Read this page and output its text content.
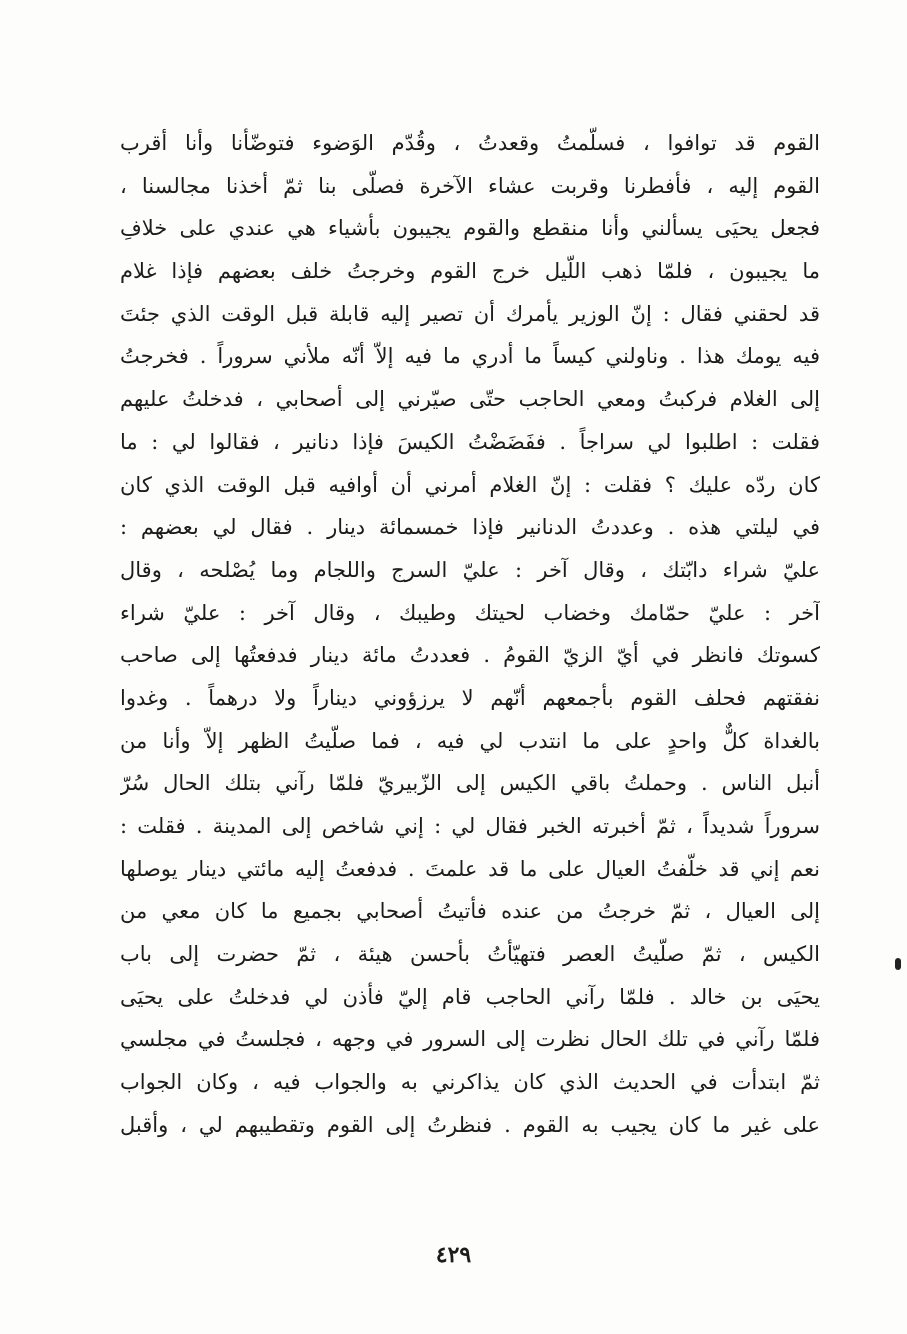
القوم قد توافوا ، فسلّمتُ وقعدتُ ، وقُدّم الوَضوء فتوضّأنا وأنا أقرب
القوم إليه ، فأفطرنا وقربت عشاء الآخرة فصلّى بنا ثمّ أخذنا مجالسنا ،
فجعل يحيَى يسألني وأنا منقطع والقوم يجيبون بأشياء هي عندي على خلافِ
ما يجيبون ، فلمّا ذهب اللّيل خرج القوم وخرجتُ خلف بعضهم فإذا غلام
قد لحقني فقال : إنّ الوزير يأمرك أن تصير إليه قابلة قبل الوقت الذي جئتَ
فيه يومك هذا . وناولني كيساً ما أدري ما فيه إلاّ أنّه ملأني سروراً . فخرجتُ
إلى الغلام فركبتُ ومعي الحاجب حتّى صيّرني إلى أصحابي ، فدخلتُ عليهم
فقلت : اطلبوا لي سراجاً . ففَضَضْتُ الكيسَ فإذا دنانير ، فقالوا لي : ما
كان ردّه عليك ؟ فقلت : إنّ الغلام أمرني أن أوافيه قبل الوقت الذي كان
في ليلتي هذه . وعددتُ الدنانير فإذا خمسمائة دينار . فقال لي بعضهم :
عليّ شراء دابّتك ، وقال آخر : عليّ السرج واللجام وما يُصْلحه ، وقال
آخر : عليّ حمّامك وخضاب لحيتك وطيبك ، وقال آخر : عليّ شراء
كسوتك فانظر في أيّ الزيّ القومُ . فعددتُ مائة دينار فدفعتُها إلى صاحب
نفقتهم فحلف القوم بأجمعهم أنّهم لا يرزؤوني ديناراً ولا درهماً . وغدوا
بالغداة كلٌّ واحدٍ على ما انتدب لي فيه ، فما صلّيتُ الظهر إلاّ وأنا من
أنبل الناس . وحملتُ باقي الكيس إلى الزّبيريّ فلمّا رآني بتلك الحال سُرّ
سروراً شديداً ، ثمّ أخبرته الخبر فقال لي : إني شاخص إلى المدينة . فقلت :
نعم إني قد خلّفتُ العيال على ما قد علمتَ . فدفعتُ إليه مائتي دينار يوصلها
إلى العيال ، ثمّ خرجتُ من عنده فأتيتُ أصحابي بجميع ما كان معي من
الكيس ، ثمّ صلّيتُ العصر فتهيّأتُ بأحسن هيئة ، ثمّ حضرت إلى باب
يحيَى بن خالد . فلمّا رآني الحاجب قام إليّ فأذن لي فدخلتُ على يحيَى
فلمّا رآني في تلك الحال نظرت إلى السرور في وجهه ، فجلستُ في مجلسي
ثمّ ابتدأت في الحديث الذي كان يذاكرني به والجواب فيه ، وكان الجواب
على غير ما كان يجيب به القوم . فنظرتُ إلى القوم وتقطيبهم لي ، وأقبل
٤٢٩
